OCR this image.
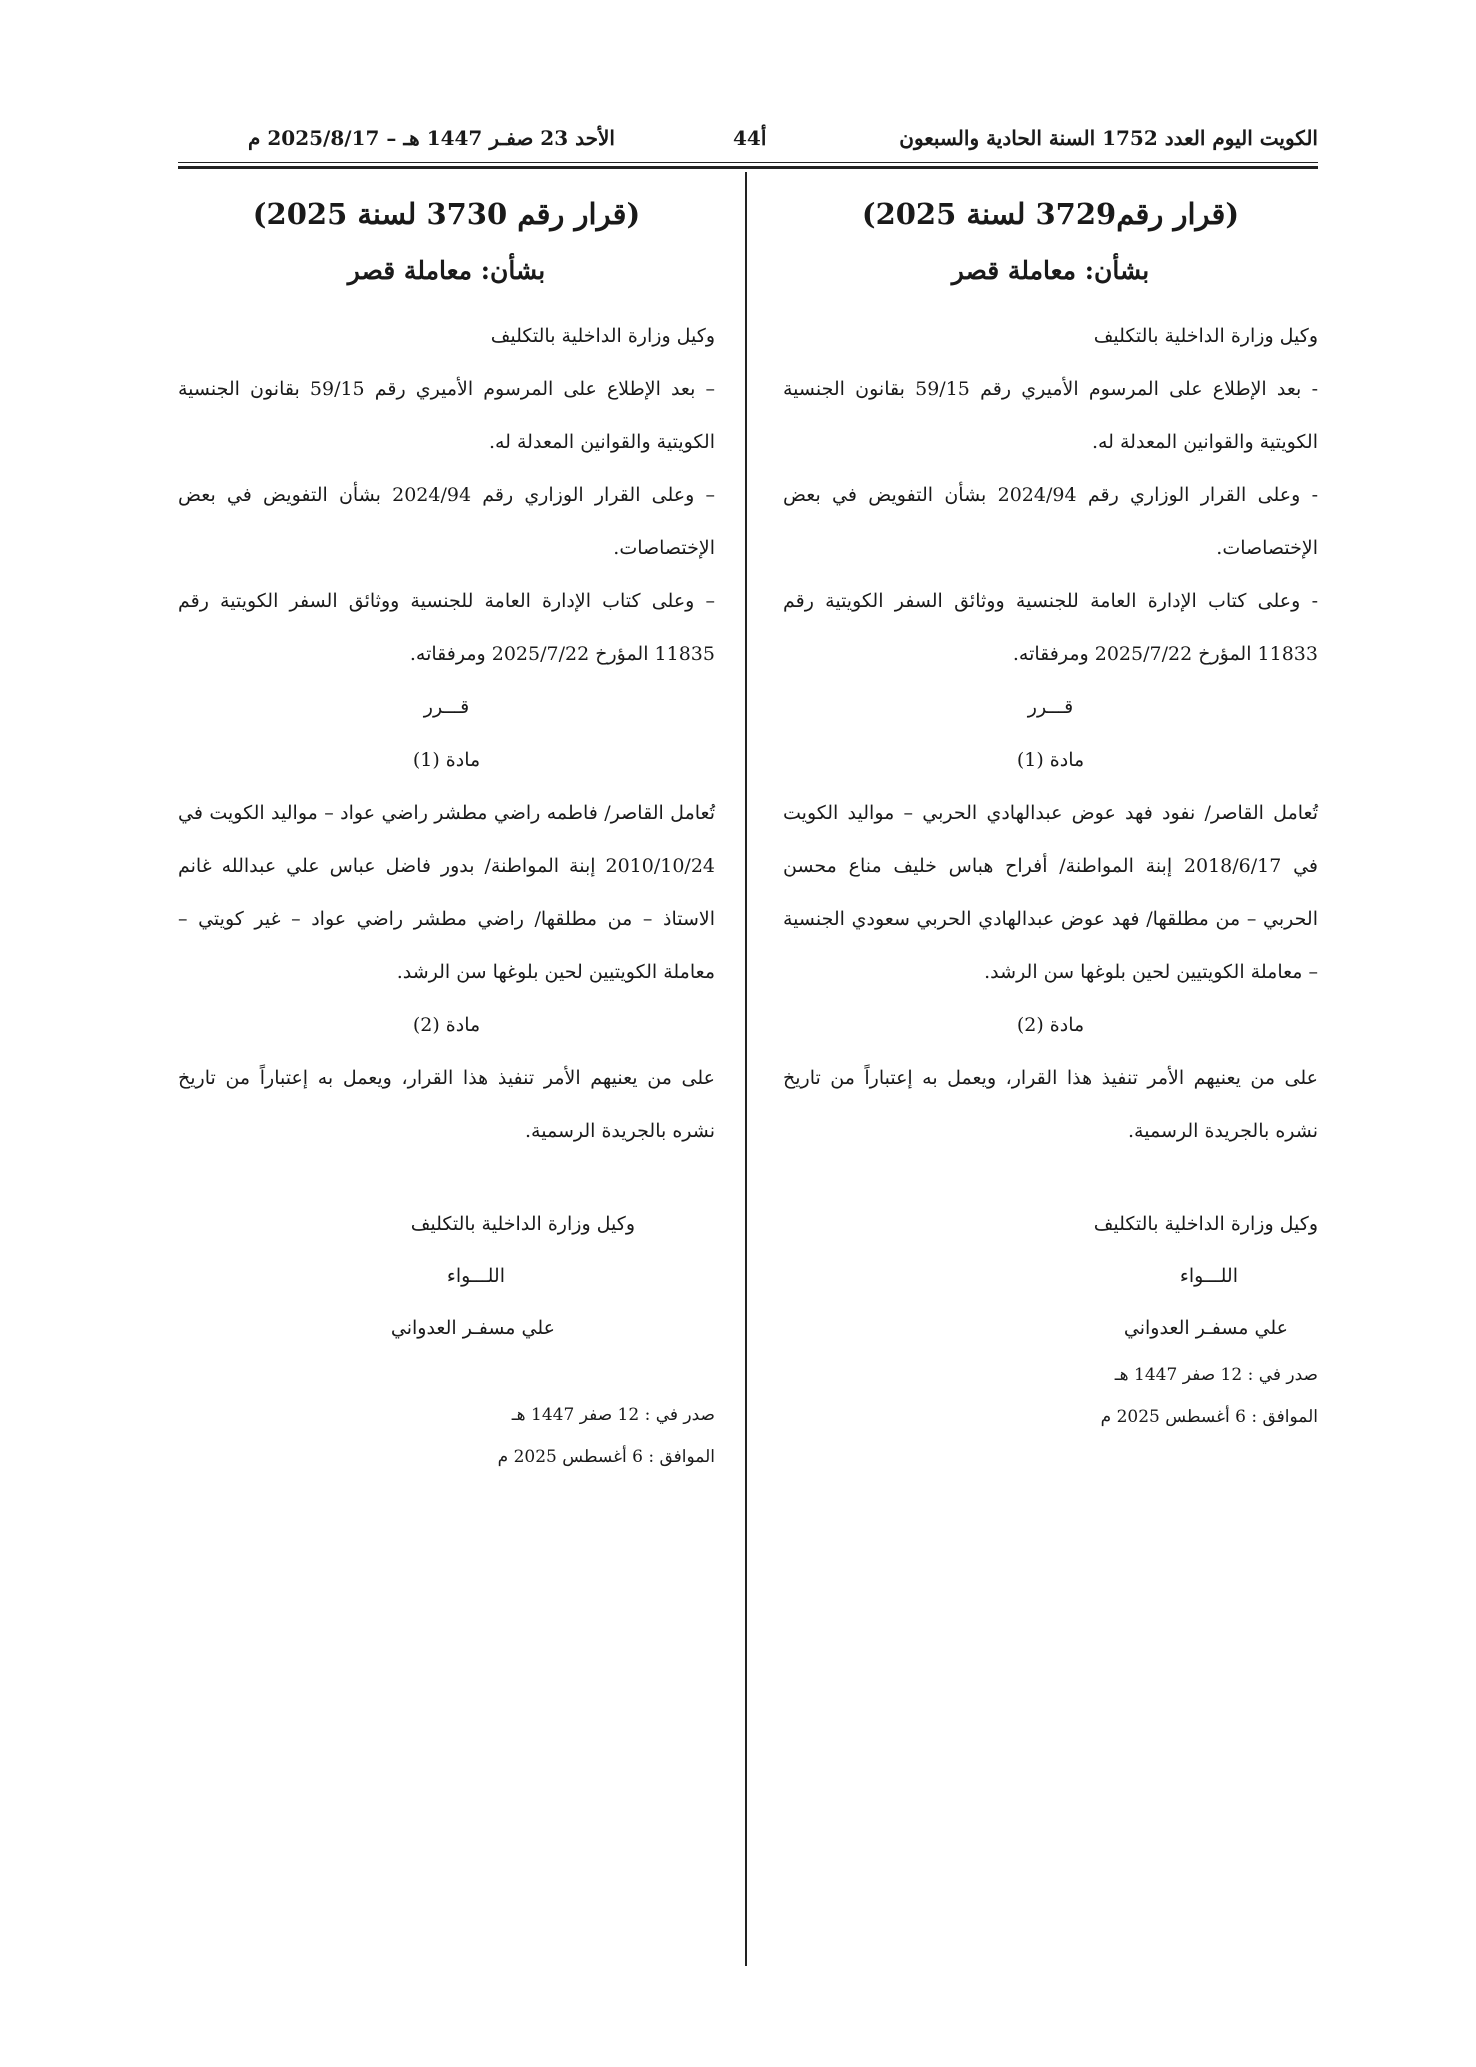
الكويت اليوم العدد 1752 السنة الحادية والسبعون
44أ
الأحد 23 صفـر 1447 هـ – 2025/8/17 م

(قرار رقم3729 لسنة 2025)

بشأن: معاملة قصر

وكيل وزارة الداخلية بالتكليف

- بعد الإطلاع على المرسوم الأميري رقم 59/15 بقانون الجنسية الكويتية والقوانين المعدلة له.

- وعلى القرار الوزاري رقم 2024/94 بشأن التفويض في بعض الإختصاصات.

- وعلى كتاب الإدارة العامة للجنسية ووثائق السفر الكويتية رقم 11833 المؤرخ 2025/7/22 ومرفقاته.

قـــرر

مادة (1)

تُعامل القاصر/ نفود فهد عوض عبدالهادي الحربي – مواليد الكويت في 2018/6/17 إبنة المواطنة/ أفراح هباس خليف مناع محسن الحربي – من مطلقها/ فهد عوض عبدالهادي الحربي سعودي الجنسية – معاملة الكويتيين لحين بلوغها سن الرشد.

مادة (2)

على من يعنيهم الأمر تنفيذ هذا القرار، ويعمل به إعتباراً من تاريخ نشره بالجريدة الرسمية.

وكيل وزارة الداخلية بالتكليف

اللـــواء

علي مسفـر العدواني

صدر في : 12 صفر 1447 هـ

الموافق : 6 أغسطس 2025 م

(قرار رقم 3730 لسنة 2025)

بشأن: معاملة قصر

وكيل وزارة الداخلية بالتكليف

– بعد الإطلاع على المرسوم الأميري رقم 59/15 بقانون الجنسية الكويتية والقوانين المعدلة له.

– وعلى القرار الوزاري رقم 2024/94 بشأن التفويض في بعض الإختصاصات.

– وعلى كتاب الإدارة العامة للجنسية ووثائق السفر الكويتية رقم 11835 المؤرخ 2025/7/22 ومرفقاته.

قـــرر

مادة (1)

تُعامل القاصر/ فاطمه راضي مطشر راضي عواد – مواليد الكويت في 2010/10/24 إبنة المواطنة/ بدور فاضل عباس علي عبدالله غانم الاستاذ – من مطلقها/ راضي مطشر راضي عواد – غير كويتي – معاملة الكويتيين لحين بلوغها سن الرشد.

مادة (2)

على من يعنيهم الأمر تنفيذ هذا القرار، ويعمل به إعتباراً من تاريخ نشره بالجريدة الرسمية.

وكيل وزارة الداخلية بالتكليف

اللـــواء

علي مسفـر العدواني

صدر في : 12 صفر 1447 هـ

الموافق : 6 أغسطس 2025 م
